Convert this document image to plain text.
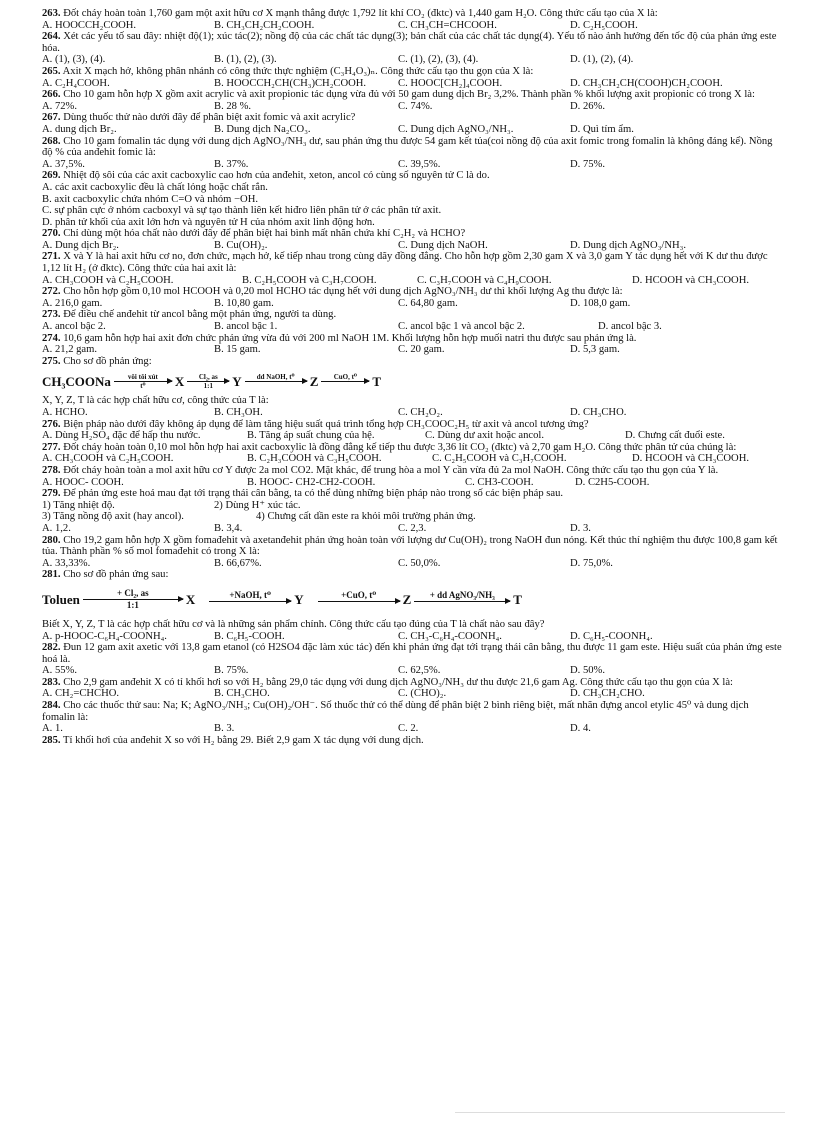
263. Đốt cháy hoàn toàn 1,760 gam một axit hữu cơ X mạnh thẳng được 1,792 lít khí CO₂ (đktc) và 1,440 gam H₂O. Công thức cấu tạo của X là:
A. HOOCCH₂COOH.	B. CH₃CH₂CH₂COOH.	C. CH₃CH=CHCOOH.	D. C₂H₅COOH.
264. Xét các yếu tố sau đây: nhiệt độ(1); xúc tác(2); nồng độ của các chất tác dụng(3); bản chất của các chất tác dụng(4). Yếu tố nào ảnh hưởng đến tốc độ của phản ứng este hóa.
A. (1), (3), (4).	B. (1), (2), (3).	C. (1), (2), (3), (4).	D. (1), (2), (4).
265. Axit X mạch hở, không phân nhánh có công thức thực nghiệm (C₃H₄O₃)ₙ. Công thức cấu tạo thu gọn của X là:
A. C₂H₄COOH.	B. HOOCCH₂CH(CH₃)CH₂COOH.	C. HOOC[CH₂]₄COOH.	D. CH₃CH₂CH(COOH)CH₂COOH.
266. Cho 10 gam hỗn hợp X gồm axit acrylic và axit propionic tác dụng vừa đủ với 50 gam dung dịch Br₂ 3,2%. Thành phần % khối lượng axit propionic có trong X là:
A. 72%.	B. 28 %.	C. 74%.	D. 26%.
267. Dùng thuốc thử nào dưới đây để phân biệt axit fomic và axit acrylic?
A. dung dịch Br₂.	B. Dung dịch Na₂CO₃.	C. Dung dịch AgNO₃/NH₃.	D. Quì tím ẩm.
268. Cho 10 gam fomalin tác dụng với dung dịch AgNO₃/NH₃ dư, sau phản ứng thu được 54 gam kết tủa(coi nồng độ của axit fomic trong fomalin là không đáng kể). Nồng độ % của anđehit fomic là:
A. 37,5%.	B. 37%.	C. 39,5%.	D. 75%.
269. Nhiệt độ sôi của các axit cacboxylic cao hơn của anđehit, xeton, ancol có cùng số nguyên tử C là do.
A. các axit cacboxylic đều là chất lỏng hoặc chất rắn.
B. axit cacboxylic chứa nhóm C=O và nhóm −OH.
C. sự phân cực ở nhóm cacboxyl và sự tạo thành liên kết hiđro liên phân tử ở các phân tử axit.
D. phân tử khối của axit lớn hơn và nguyên tử H của nhóm axit linh động hơn.
270. Chỉ dùng một hóa chất nào dưới đây để phân biệt hai bình mất nhãn chứa khí C₂H₂ và HCHO?
A. Dung dịch Br₂.	B. Cu(OH)₂.	C. Dung dịch NaOH.	D. Dung dịch AgNO₃/NH₃.
271. X và Y là hai axit hữu cơ no, đơn chức, mạch hở, kế tiếp nhau trong cùng dãy đồng đẳng. Cho hỗn hợp gồm 2,30 gam X và 3,0 gam Y tác dụng hết với K dư thu được 1,12 lít H₂ (ở đktc). Công thức của hai axit là:
A. CH₃COOH và C₂H₅COOH.	B. C₂H₅COOH và C₃H₇COOH.	C. C₃H₇COOH và C₄H₉COOH.	D. HCOOH và CH₃COOH.
272. Cho hỗn hợp gồm 0,10 mol HCOOH và 0,20 mol HCHO tác dụng hết với dung dịch AgNO₃/NH₃ dư thì khối lượng Ag thu được là:
A. 216,0 gam.	B. 10,80 gam.	C. 64,80 gam.	D. 108,0 gam.
273. Để điều chế anđehit từ ancol bằng một phản ứng, người ta dùng.
A. ancol bậc 2.	B. ancol bậc 1.	C. ancol bậc 1 và ancol bậc 2.	D. ancol bậc 3.
274. 10,6 gam hỗn hợp hai axit đơn chức phản ứng vừa đủ với 200 ml NaOH 1M. Khối lượng hỗn hợp muối natri thu được sau phản ứng là.
A. 21,2 gam.	B. 15 gam.	C. 20 gam.	D. 5,3 gam.
275. Cho sơ đồ phản ứng:
CH₃COONa vôi tôi xút
t⁰ X Cl₂, as
1:1 Y dd NaOH, t⁰
Z CuO, t⁰
T
X, Y, Z, T là các hợp chất hữu cơ, công thức của T là:
A. HCHO.	B. CH₃OH.	C. CH₂O₂.	D. CH₃CHO.
276. Biện pháp nào dưới đây không áp dụng để làm tăng hiệu suất quá trình tổng hợp CH₃COOC₂H₅ từ axit và ancol tương ứng?
A. Dùng H₂SO₄ đặc để hấp thu nước.	B. Tăng áp suất chung của hệ.	C. Dùng dư axit hoặc ancol.	D. Chưng cất đuổi este.
277. Đốt cháy hoàn toàn 0,10 mol hỗn hợp hai axit cacboxylic là đồng đẳng kế tiếp thu được 3,36 lít CO₂ (đktc) và 2,70 gam H₂O. Công thức phân tử của chúng là:
A. CH₃COOH và C₂H₅COOH.	B. C₂H₃COOH và C₃H₅COOH.	C. C₂H₅COOH và C₃H₇COOH.	D. HCOOH và CH₃COOH.
278. Đốt cháy hoàn toàn a mol axit hữu cơ Y được 2a mol CO2. Mặt khác, để trung hòa a mol Y cần vừa đủ 2a mol NaOH. Công thức cấu tạo thu gọn của Y là.
A. HOOC- COOH.	B. HOOC- CH2-CH2-COOH.	C. CH3-COOH.	D. C2H5-COOH.
279. Để phản ứng este hoá mau đạt tới trạng thái cân bằng, ta có thể dùng những biện pháp nào trong số các biện pháp sau.
1) Tăng nhiệt độ.	2) Dùng H⁺ xúc tác.
3) Tăng nồng độ axit (hay ancol).	4) Chưng cất dần este ra khỏi môi trường phản ứng.
A. 1,2.	B. 3,4.	C. 2,3.	D. 3.
280. Cho 19,2 gam hỗn hợp X gồm fomađehit và axetanđehit phản ứng hoàn toàn với lượng dư Cu(OH)₂ trong NaOH đun nóng. Kết thúc thí nghiệm thu được 100,8 gam kết tủa. Thành phần % số mol fomađehit có trong X là:
A. 33,33%.	B. 66,67%.	C. 50,0%.	D. 75,0%.
281. Cho sơ đồ phản ứng sau:
Toluen	+ Cl₂, as
1:1	X	+NaOH, t⁰
Y	+CuO, t⁰
Z + dd AgNO₃/NH₃
T
Biết X, Y, Z, T là các hợp chất hữu cơ và là những sản phẩm chính. Công thức cấu tạo đúng của T là chất nào sau đây?
A. p-HOOC-C₆H₄-COONH₄.	B. C₆H₅-COOH.	C. CH₃-C₆H₄-COONH₄.	D. C₆H₅-COONH₄.
282. Đun 12 gam axit axetic với 13,8 gam etanol (có H2SO4 đặc làm xúc tác) đến khi phản ứng đạt tới trạng thái cân bằng, thu được 11 gam este. Hiệu suất của phản ứng este hoá là.
A. 55%.	B. 75%.	C. 62,5%.	D. 50%.
283. Cho 2,9 gam anđehit X có tỉ khối hơi so với H₂ bằng 29,0 tác dụng với dung dịch AgNO₃/NH₃ dư thu được 21,6 gam Ag. Công thức cấu tạo thu gọn của X là:
A. CH₂=CHCHO.	B. CH₃CHO.	C. (CHO)₂.	D. CH₃CH₂CHO.
284. Cho các thuốc thử sau: Na; K; AgNO₃/NH₃; Cu(OH)₂/OH⁻. Số thuốc thử có thể dùng để phân biệt 2 bình riêng biệt, mất nhãn đựng ancol etylic 45⁰ và dung dịch fomalin là:
A. 1.	B. 3.	C. 2.	D. 4.
285. Tỉ khối hơi của anđehit X so với H₂ bằng 29. Biết 2,9 gam X tác dụng với dung dịch.
